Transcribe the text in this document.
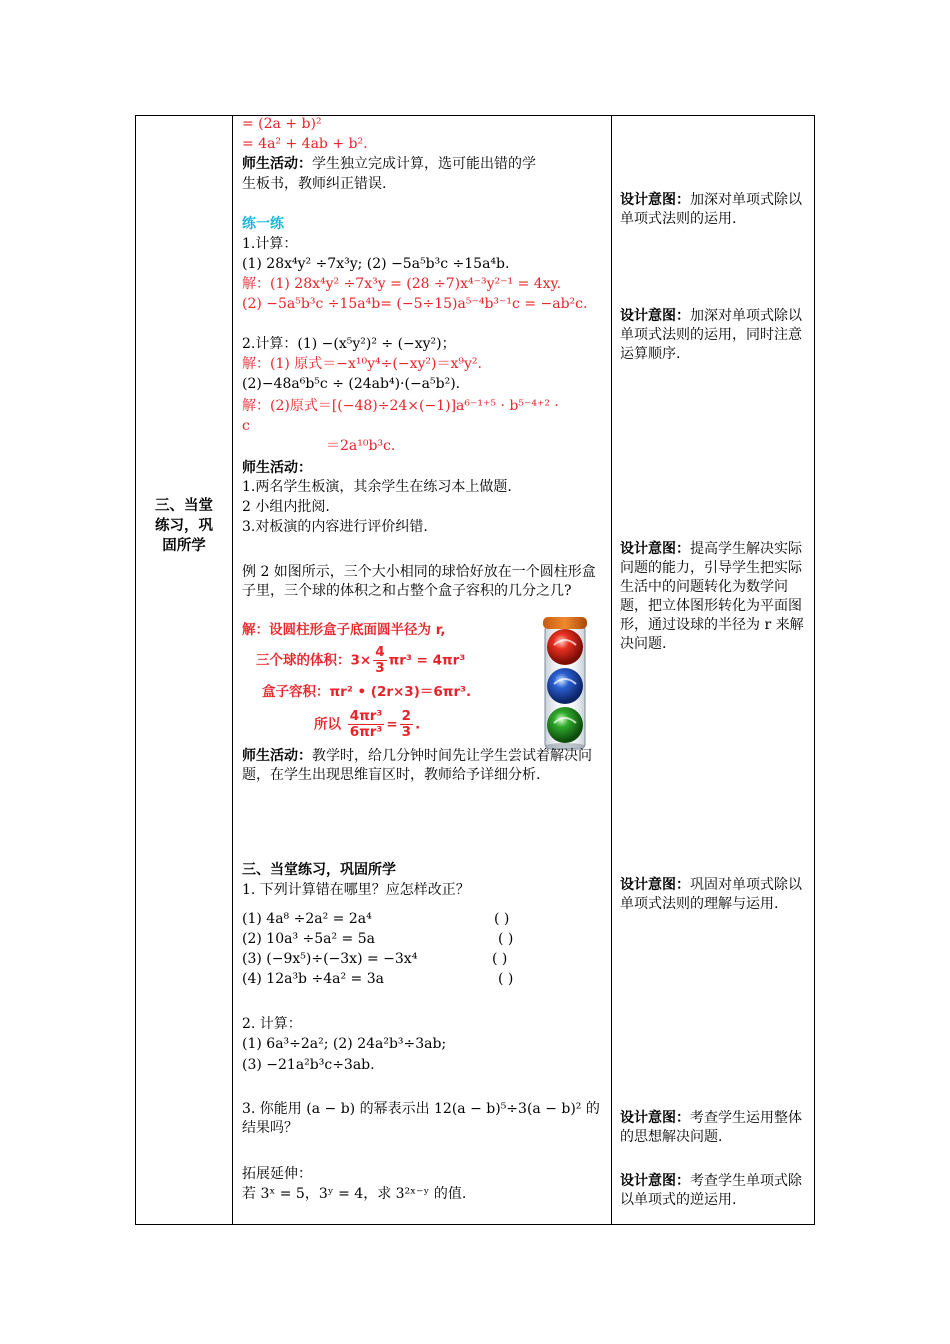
三、当堂
练习，巩
固所学
= (2a + b)²
= 4a² + 4ab + b².
师生活动：学生独立完成计算，选可能出错的学
生板书，教师纠正错误.
练一练
1.计算：
(1) 28x⁴y² ÷7x³y; (2) −5a⁵b³c ÷15a⁴b.
解：(1) 28x⁴y² ÷7x³y = (28 ÷7)x⁴⁻³y²⁻¹ = 4xy.
(2) −5a⁵b³c ÷15a⁴b= (−5÷15)a⁵⁻⁴b³⁻¹c = −ab²c.
2.计算：(1) −(x⁵y²)² ÷ (−xy²)；
解：(1) 原式＝−x¹⁰y⁴÷(−xy²)＝x⁹y².
(2)−48a⁶b⁵c ÷ (24ab⁴)·(−a⁵b²).
解：(2)原式＝[(−48)÷24×(−1)]a⁶⁻¹⁺⁵ · b⁵⁻⁴⁺² ·
c
＝2a¹⁰b³c.
师生活动：
1.两名学生板演，其余学生在练习本上做题.
2 小组内批阅.
3.对板演的内容进行评价纠错.
例 2 如图所示，三个大小相同的球恰好放在一个圆柱形盒子里，三个球的体积之和占整个盒子容积的几分之几?
解：设圆柱形盒子底面圆半径为 r,
三个球的体积：$3\times \frac{4}{3} \pi r^3 = 4\pi r^3$
盒子容积：πr² • (2r×3)＝6πr³.
所以 $\frac{\text{4πr³}}{\text{6πr³}} = \frac{2}{3}$ .
师生活动：教学时，给几分钟时间先让学生尝试着解决问题，在学生出现思维盲区时，教师给予详细分析.
三、当堂练习，巩固所学
1. 下列计算错在哪里？应怎样改正？
(1) 4a⁸ ÷2a² = 2a⁴	( )
(2) 10a³ ÷5a² = 5a	( )
(3) (−9x⁵)÷(−3x) = −3x⁴	( )
(4) 12a³b ÷4a² = 3a	( )
2. 计算：
(1) 6a³÷2a²; (2) 24a²b³÷3ab;
(3) −21a²b³c÷3ab.
3. 你能用 (a − b) 的幂表示出 12(a − b)⁵÷3(a − b)² 的结果吗？
拓展延伸：
若 3ˣ = 5，3ʸ = 4，求 3²ˣ⁻ʸ 的值.
设计意图：加深对单项式除以单项式法则的运用.
设计意图：加深对单项式除以单项式法则的运用，同时注意运算顺序.
设计意图：提高学生解决实际问题的能力，引导学生把实际生活中的问题转化为数学问题，把立体图形转化为平面图形，通过设球的半径为 r 来解决问题.
设计意图：巩固对单项式除以单项式法则的理解与运用.
设计意图：考查学生运用整体的思想解决问题.
设计意图：考查学生单项式除以单项式的逆运用.
